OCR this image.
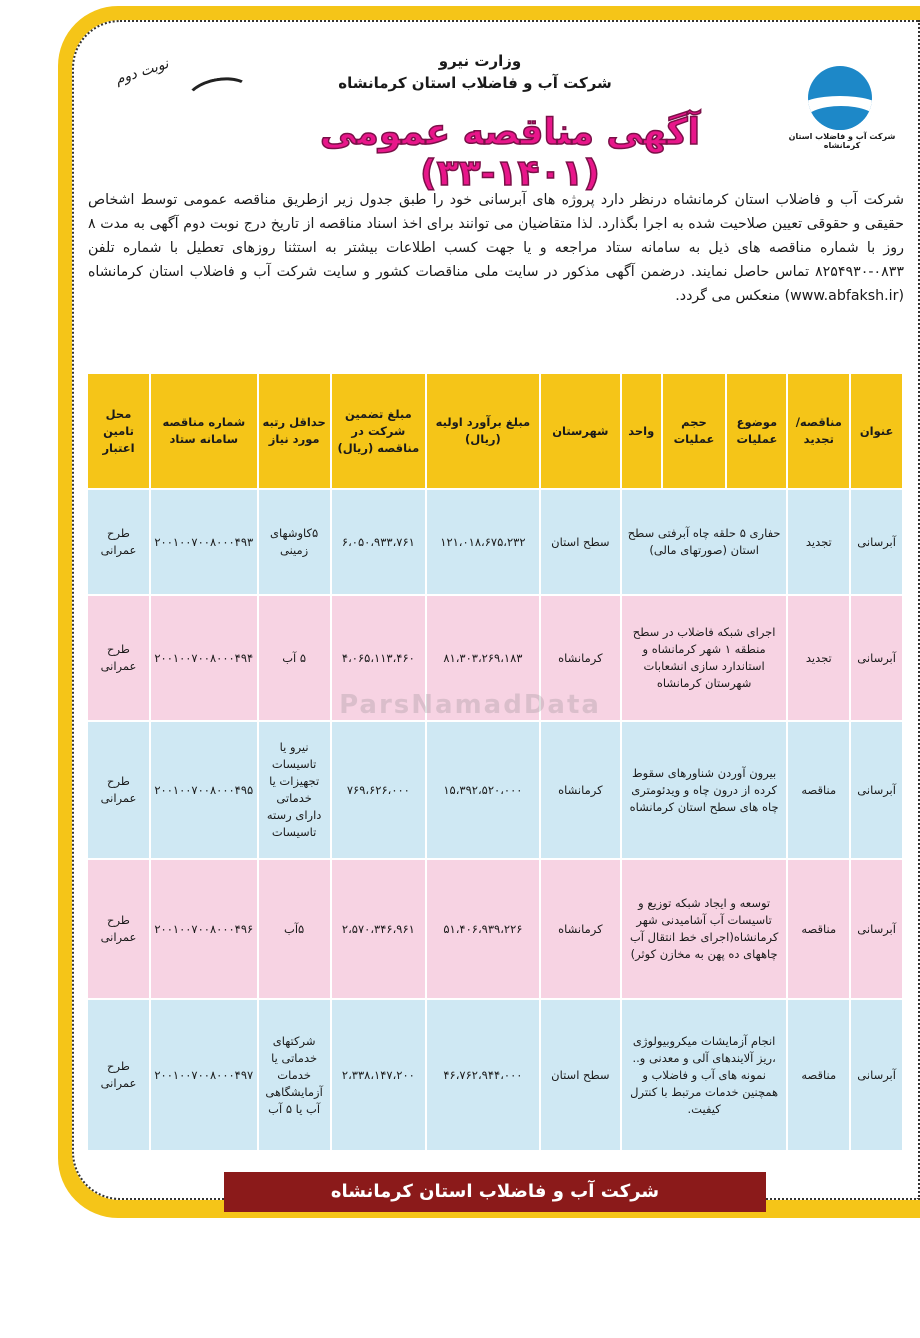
شرکت آب و فاضلاب استان کرمانشاه
وزارت نیرو
شرکت آب و فاضلاب استان کرمانشاه
نوبت دوم
آگهی مناقصه عمومی (۱۴۰۱-۳۳)
شرکت آب و فاضلاب استان کرمانشاه درنظر دارد پروژه های آبرسانی خود را طبق جدول زیر ازطریق مناقصه عمومی توسط اشخاص حقیقی و حقوقی تعیین صلاحیت شده به اجرا بگذارد. لذا متقاضیان می توانند برای اخذ اسناد مناقصه از تاریخ درج نوبت دوم آگهی به مدت ۸ روز با شماره مناقصه های ذیل به سامانه ستاد مراجعه و یا جهت کسب اطلاعات بیشتر به استثنا روزهای تعطیل با شماره تلفن ۰۸۳۳-۸۲۵۴۹۳۰ تماس حاصل نمایند. درضمن آگهی مذکور در سایت ملی مناقصات کشور و سایت شرکت آب و فاضلاب استان کرمانشاه (www.abfaksh.ir) منعکس می گردد.
عنوان	مناقصه/ تجدید	موضوع عملیات	حجم عملیات	واحد	شهرستان	مبلغ برآورد اولیه (ریال)	مبلغ تضمین شرکت در مناقصه (ریال)	حداقل رتبه مورد نیاز	شماره مناقصه سامانه ستاد	محل تامین اعتبار
آبرسانی	تجدید	حفاری ۵ حلقه چاه آبرفتی سطح استان (صورتهای مالی)			سطح استان	۱۲۱،۰۱۸،۶۷۵،۲۳۲	۶،۰۵۰،۹۳۳،۷۶۱	۵کاوشهای زمینی	۲۰۰۱۰۰۷۰۰۸۰۰۰۴۹۳	طرح عمرانی
آبرسانی	تجدید	اجرای شبکه فاضلاب در سطح منطقه ۱ شهر کرمانشاه و استاندارد سازی انشعابات شهرستان کرمانشاه			کرمانشاه	۸۱،۳۰۳،۲۶۹،۱۸۳	۴،۰۶۵،۱۱۳،۴۶۰	۵ آب	۲۰۰۱۰۰۷۰۰۸۰۰۰۴۹۴	طرح عمرانی
آبرسانی	مناقصه	بیرون آوردن شناورهای سقوط کرده از درون چاه و ویدئومتری چاه های سطح استان کرمانشاه			کرمانشاه	۱۵،۳۹۲،۵۲۰،۰۰۰	۷۶۹،۶۲۶،۰۰۰	نیرو یا تاسیسات تجهیزات یا خدماتی دارای رسته تاسیسات	۲۰۰۱۰۰۷۰۰۸۰۰۰۴۹۵	طرح عمرانی
آبرسانی	مناقصه	توسعه و ایجاد شبکه توزیع و تاسیسات آب آشامیدنی شهر کرمانشاه(اجرای خط انتقال آب چاههای ده پهن به مخازن کوثر)			کرمانشاه	۵۱،۴۰۶،۹۳۹،۲۲۶	۲،۵۷۰،۳۴۶،۹۶۱	۵آب	۲۰۰۱۰۰۷۰۰۸۰۰۰۴۹۶	طرح عمرانی
آبرسانی	مناقصه	انجام آزمایشات میکروبیولوژی ،ریز آلایندهای آلی و معدنی و.. نمونه های آب و فاضلاب و همچنین خدمات مرتبط با کنترل کیفیت.			سطح استان	۴۶،۷۶۲،۹۴۴،۰۰۰	۲،۳۳۸،۱۴۷،۲۰۰	شرکتهای خدماتی یا خدمات آزمایشگاهی آب یا ۵ آب	۲۰۰۱۰۰۷۰۰۸۰۰۰۴۹۷	طرح عمرانی
ParsNamadData
شرکت آب و فاضلاب استان کرمانشاه
